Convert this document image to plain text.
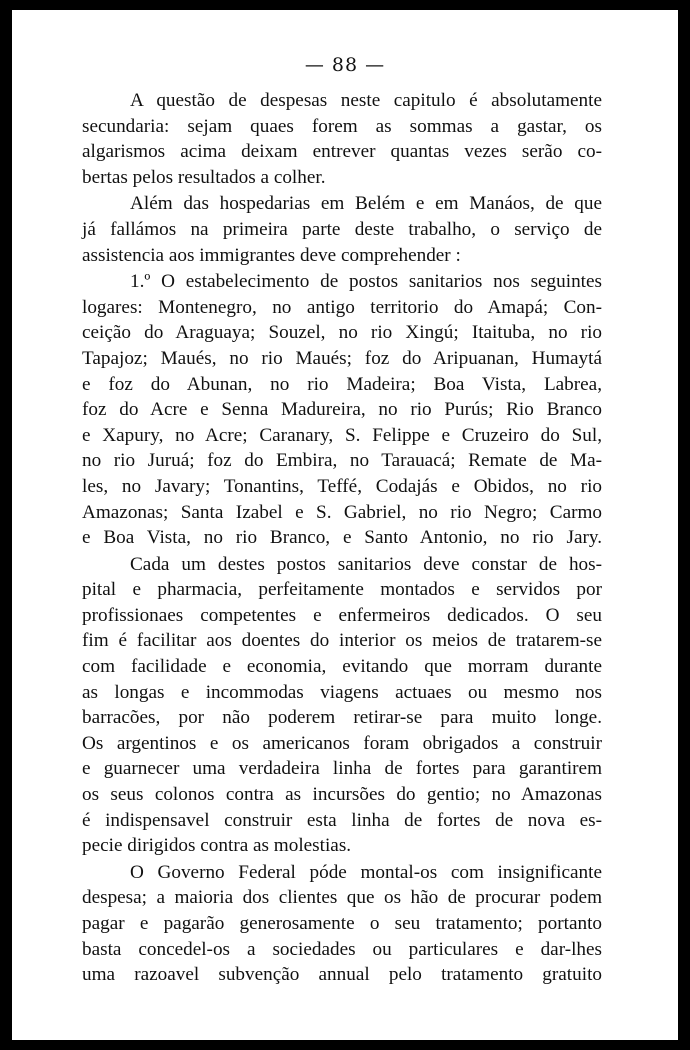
— 88 —

A questão de despesas neste capitulo é absolutamente
secundaria: sejam quaes forem as sommas a gastar, os
algarismos acima deixam entrever quantas vezes serão co-
bertas pelos resultados a colher.

Além das hospedarias em Belém e em Manáos, de que
já fallámos na primeira parte deste trabalho, o serviço de
assistencia aos immigrantes deve comprehender :

1.º O estabelecimento de postos sanitarios nos seguintes
logares: Montenegro, no antigo territorio do Amapá; Con-
ceição do Araguaya; Souzel, no rio Xingú; Itaituba, no rio
Tapajoz; Maués, no rio Maués; foz do Aripuanan, Humaytá
e foz do Abunan, no rio Madeira; Boa Vista, Labrea,
foz do Acre e Senna Madureira, no rio Purús; Rio Branco
e Xapury, no Acre; Caranary, S. Felippe e Cruzeiro do Sul,
no rio Juruá; foz do Embira, no Tarauacá; Remate de Ma-
les, no Javary; Tonantins, Teffé, Codajás e Obidos, no rio
Amazonas; Santa Izabel e S. Gabriel, no rio Negro; Carmo
e Boa Vista, no rio Branco, e Santo Antonio, no rio Jary.

Cada um destes postos sanitarios deve constar de hos-
pital e pharmacia, perfeitamente montados e servidos por
profissionaes competentes e enfermeiros dedicados. O seu
fim é facilitar aos doentes do interior os meios de tratarem-se
com facilidade e economia, evitando que morram durante
as longas e incommodas viagens actuaes ou mesmo nos
barracões, por não poderem retirar-se para muito longe.
Os argentinos e os americanos foram obrigados a construir
e guarnecer uma verdadeira linha de fortes para garantirem
os seus colonos contra as incursões do gentio; no Amazonas
é indispensavel construir esta linha de fortes de nova es-
pecie dirigidos contra as molestias.

O Governo Federal póde montal-os com insignificante
despesa; a maioria dos clientes que os hão de procurar podem
pagar e pagarão generosamente o seu tratamento; portanto
basta concedel-os a sociedades ou particulares e dar-lhes
uma razoavel subvenção annual pelo tratamento gratuito
